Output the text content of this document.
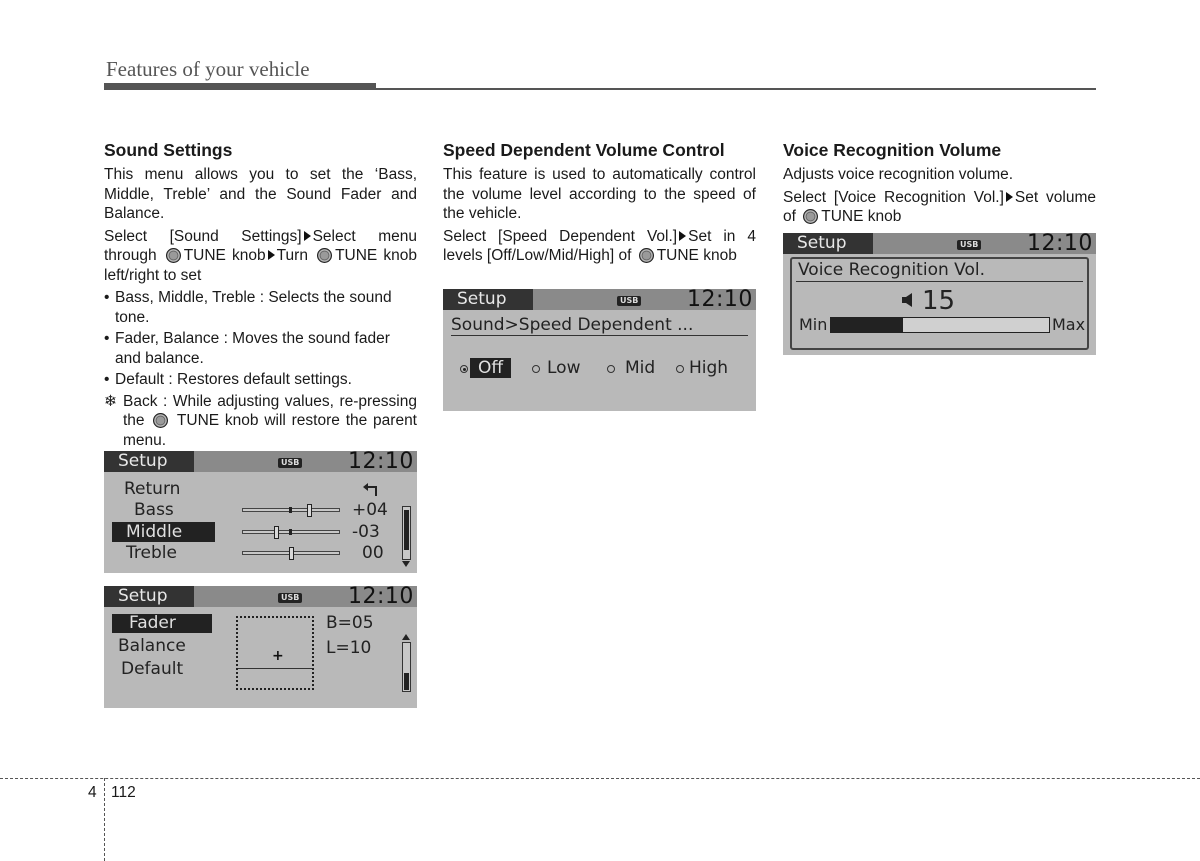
Features of your vehicle
Sound Settings

This menu allows you to set the ‘Bass, Middle, Treble’ and the Sound Fader and Balance.

Select [Sound Settings] Select menu through TUNE knob Turn TUNE knob left/right to set

• Bass, Middle, Treble : Selects the sound tone.
• Fader, Balance : Moves the sound fader and balance.
• Default : Restores default settings.
❄ Back : While adjusting values, re-pressing the TUNE knob will restore the parent menu.
Speed Dependent Volume Control

This feature is used to automatically control the volume level according to the speed of the vehicle.

Select [Speed Dependent Vol.] Set in 4 levels [Off/Low/Mid/High] of TUNE knob

Voice Recognition Volume

Adjusts voice recognition volume.

Select [Voice Recognition Vol.] Set volume of TUNE knob

Setup	USB 12:10
Return
Bass	+04
Middle	-03
Treble	00
Setup	USB 12:10
Fader
Balance
Default
+
B=05
L=10
Setup	USB 12:10
Sound>Speed Dependent ...
Off	Low	Mid High
Setup	USB 12:10
Voice Recognition Vol.
15
Min	Max
4 112
